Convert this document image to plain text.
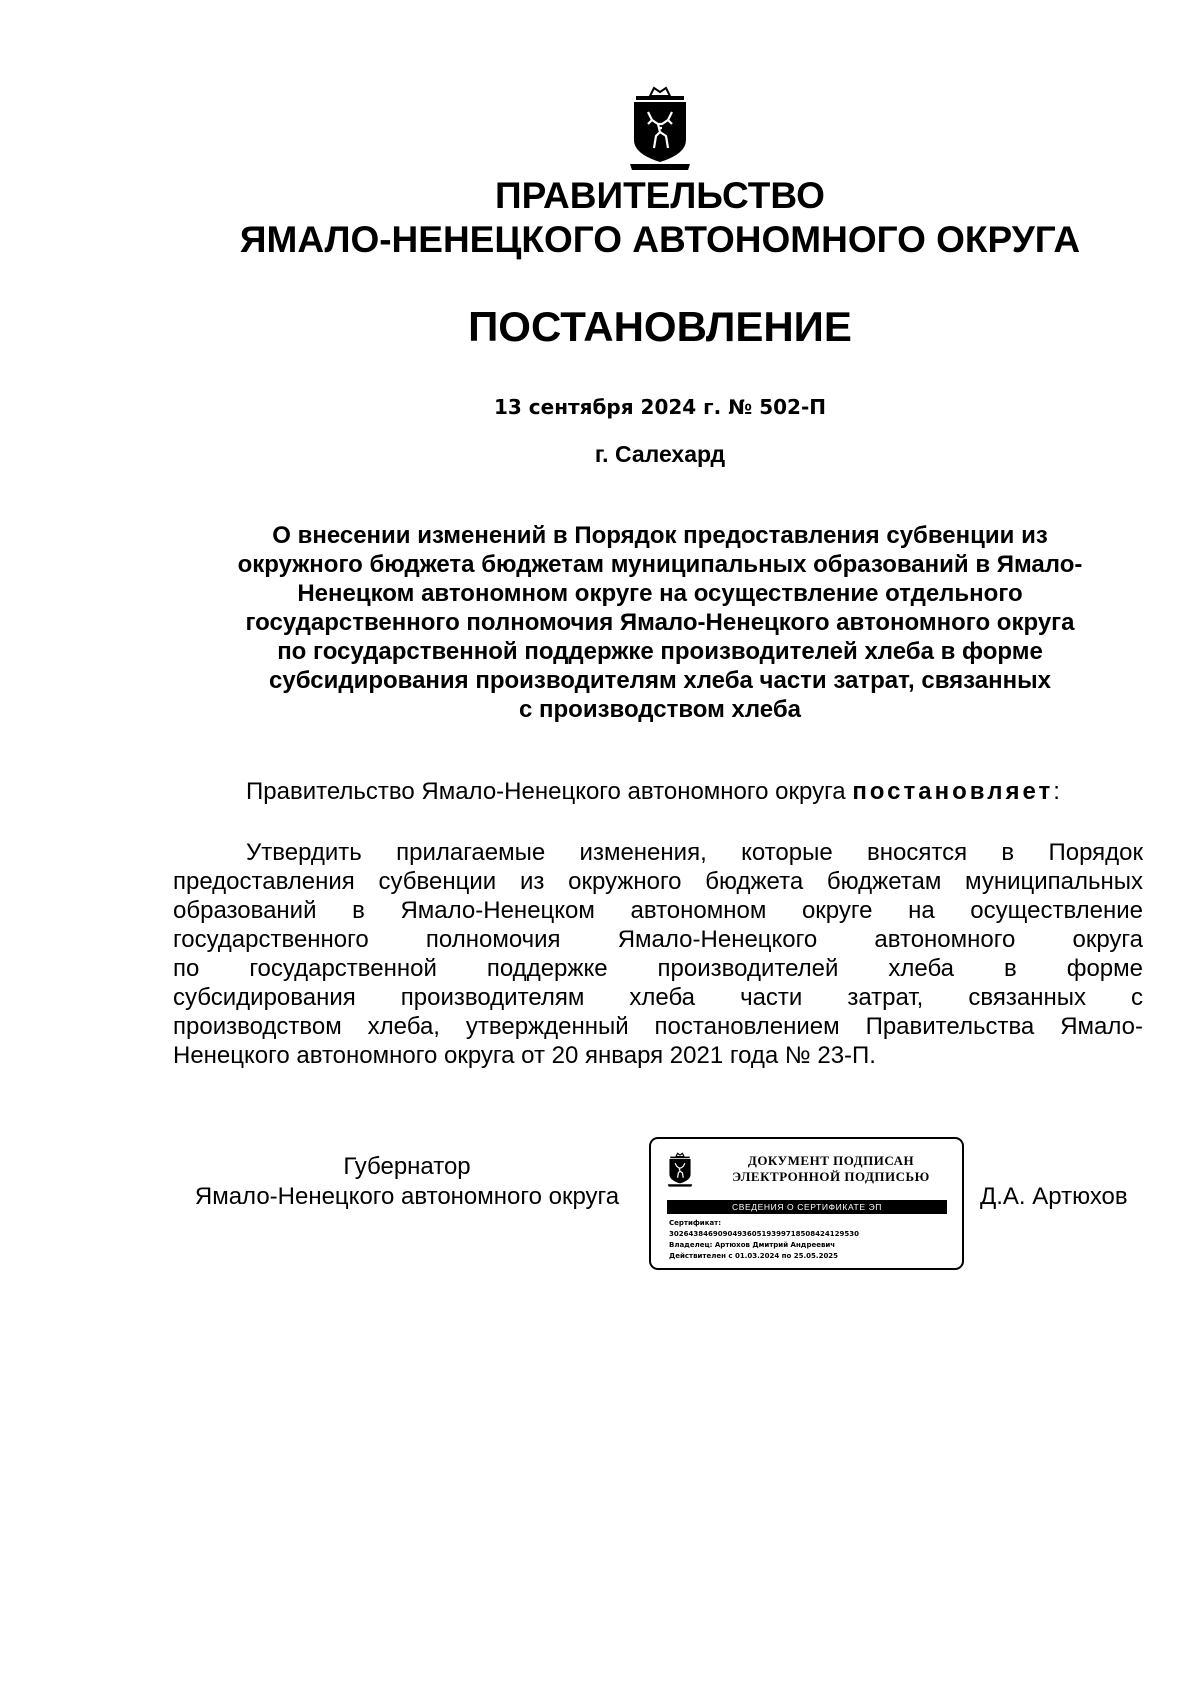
ПРАВИТЕЛЬСТВО
ЯМАЛО-НЕНЕЦКОГО АВТОНОМНОГО ОКРУГА
ПОСТАНОВЛЕНИЕ
13 сентября 2024 г. № 502-П
г. Салехард
О внесении изменений в Порядок предоставления субвенции из
окружного бюджета бюджетам муниципальных образований в Ямало-
Ненецком автономном округе на осуществление отдельного
государственного полномочия Ямало-Ненецкого автономного округа
по государственной поддержке производителей хлеба в форме
субсидирования производителям хлеба части затрат, связанных
с производством хлеба
Правительство Ямало-Ненецкого автономного округа постановляет:
Утвердить прилагаемые изменения, которые вносятся в Порядок
предоставления субвенции из окружного бюджета бюджетам муниципальных
образований в Ямало-Ненецком автономном округе на осуществление
государственного полномочия Ямало-Ненецкого автономного округа
по государственной поддержке производителей хлеба в форме
субсидирования производителям хлеба части затрат, связанных с
производством хлеба, утвержденный постановлением Правительства Ямало-
Ненецкого автономного округа от 20 января 2021 года № 23-П.
Губернатор
Ямало-Ненецкого автономного округа
ДОКУМЕНТ ПОДПИСАН
ЭЛЕКТРОННОЙ ПОДПИСЬЮ
СВЕДЕНИЯ О СЕРТИФИКАТЕ ЭП
Сертификат:
302643846909049360519399718508424129530
Владелец: Артюхов Дмитрий Андреевич
Действителен с 01.03.2024 по 25.05.2025
Д.А. Артюхов
